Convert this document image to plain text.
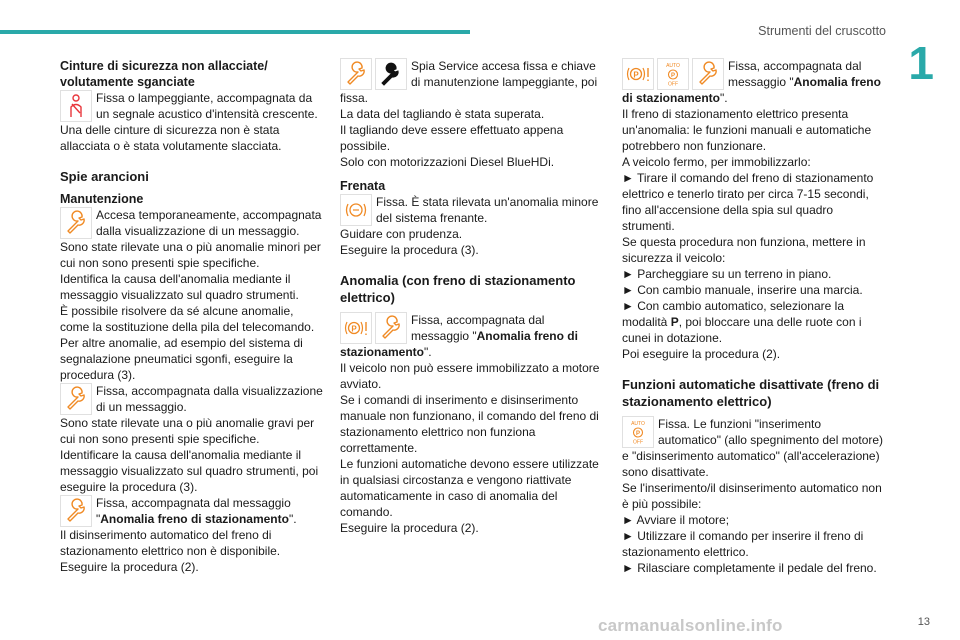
Strumenti del cruscotto
1

Cinture di sicurezza non allacciate/ volutamente sganciate

Fissa o lampeggiante, accompagnata da un segnale acustico d'intensità crescente.

Una delle cinture di sicurezza non è stata allacciata o è stata volutamente slacciata.

Spie arancioni

Manutenzione

Accesa temporaneamente, accompagnata dalla visualizzazione di un messaggio.

Sono state rilevate una o più anomalie minori per cui non sono presenti spie specifiche.

Identifica la causa dell'anomalia mediante il messaggio visualizzato sul quadro strumenti.

È possibile risolvere da sé alcune anomalie, come la sostituzione della pila del telecomando.

Per altre anomalie, ad esempio del sistema di segnalazione pneumatici sgonfi, eseguire la procedura (3).

Fissa, accompagnata dalla visualizzazione di un messaggio.

Sono state rilevate una o più anomalie gravi per cui non sono presenti spie specifiche.

Identificare la causa dell'anomalia mediante il messaggio visualizzato sul quadro strumenti, poi eseguire la procedura (3).

Fissa, accompagnata dal messaggio "Anomalia freno di stazionamento".

Il disinserimento automatico del freno di stazionamento elettrico non è disponibile.

Eseguire la procedura (2).

Spia Service accesa fissa e chiave di manutenzione lampeggiante, poi fissa.

La data del tagliando è stata superata.

Il tagliando deve essere effettuato appena possibile.

Solo con motorizzazioni Diesel BlueHDi.

Frenata

Fissa. È stata rilevata un'anomalia minore del sistema frenante.

Guidare con prudenza.

Eseguire la procedura (3).

Anomalia (con freno di stazionamento elettrico)

P

Fissa, accompagnata dal messaggio "Anomalia freno di stazionamento".

Il veicolo non può essere immobilizzato a motore avviato.

Se i comandi di inserimento e disinserimento manuale non funzionano, il comando del freno di stazionamento elettrico non funziona correttamente.

Le funzioni automatiche devono essere utilizzate in qualsiasi circostanza e vengono riattivate automaticamente in caso di anomalia del comando.

Eseguire la procedura (2).

P
AUTO
P
OFF

Fissa, accompagnata dal messaggio "Anomalia freno di stazionamento".

Il freno di stazionamento elettrico presenta un'anomalia: le funzioni manuali e automatiche potrebbero non funzionare.

A veicolo fermo, per immobilizzarlo:

► Tirare il comando del freno di stazionamento elettrico e tenerlo tirato per circa 7-15 secondi, fino all'accensione della spia sul quadro strumenti.

Se questa procedura non funziona, mettere in sicurezza il veicolo:

► Parcheggiare su un terreno in piano.

► Con cambio manuale, inserire una marcia.

► Con cambio automatico, selezionare la modalità P, poi bloccare una delle ruote con i cunei in dotazione.

Poi eseguire la procedura (2).

Funzioni automatiche disattivate (freno di stazionamento elettrico)

AUTO
P
OFF

Fissa. Le funzioni "inserimento automatico" (allo spegnimento del motore) e "disinserimento automatico" (all'accelerazione) sono disattivate.

Se l'inserimento/il disinserimento automatico non è più possibile:

► Avviare il motore;

► Utilizzare il comando per inserire il freno di stazionamento elettrico.

► Rilasciare completamente il pedale del freno.

carmanualsonline.info	13
